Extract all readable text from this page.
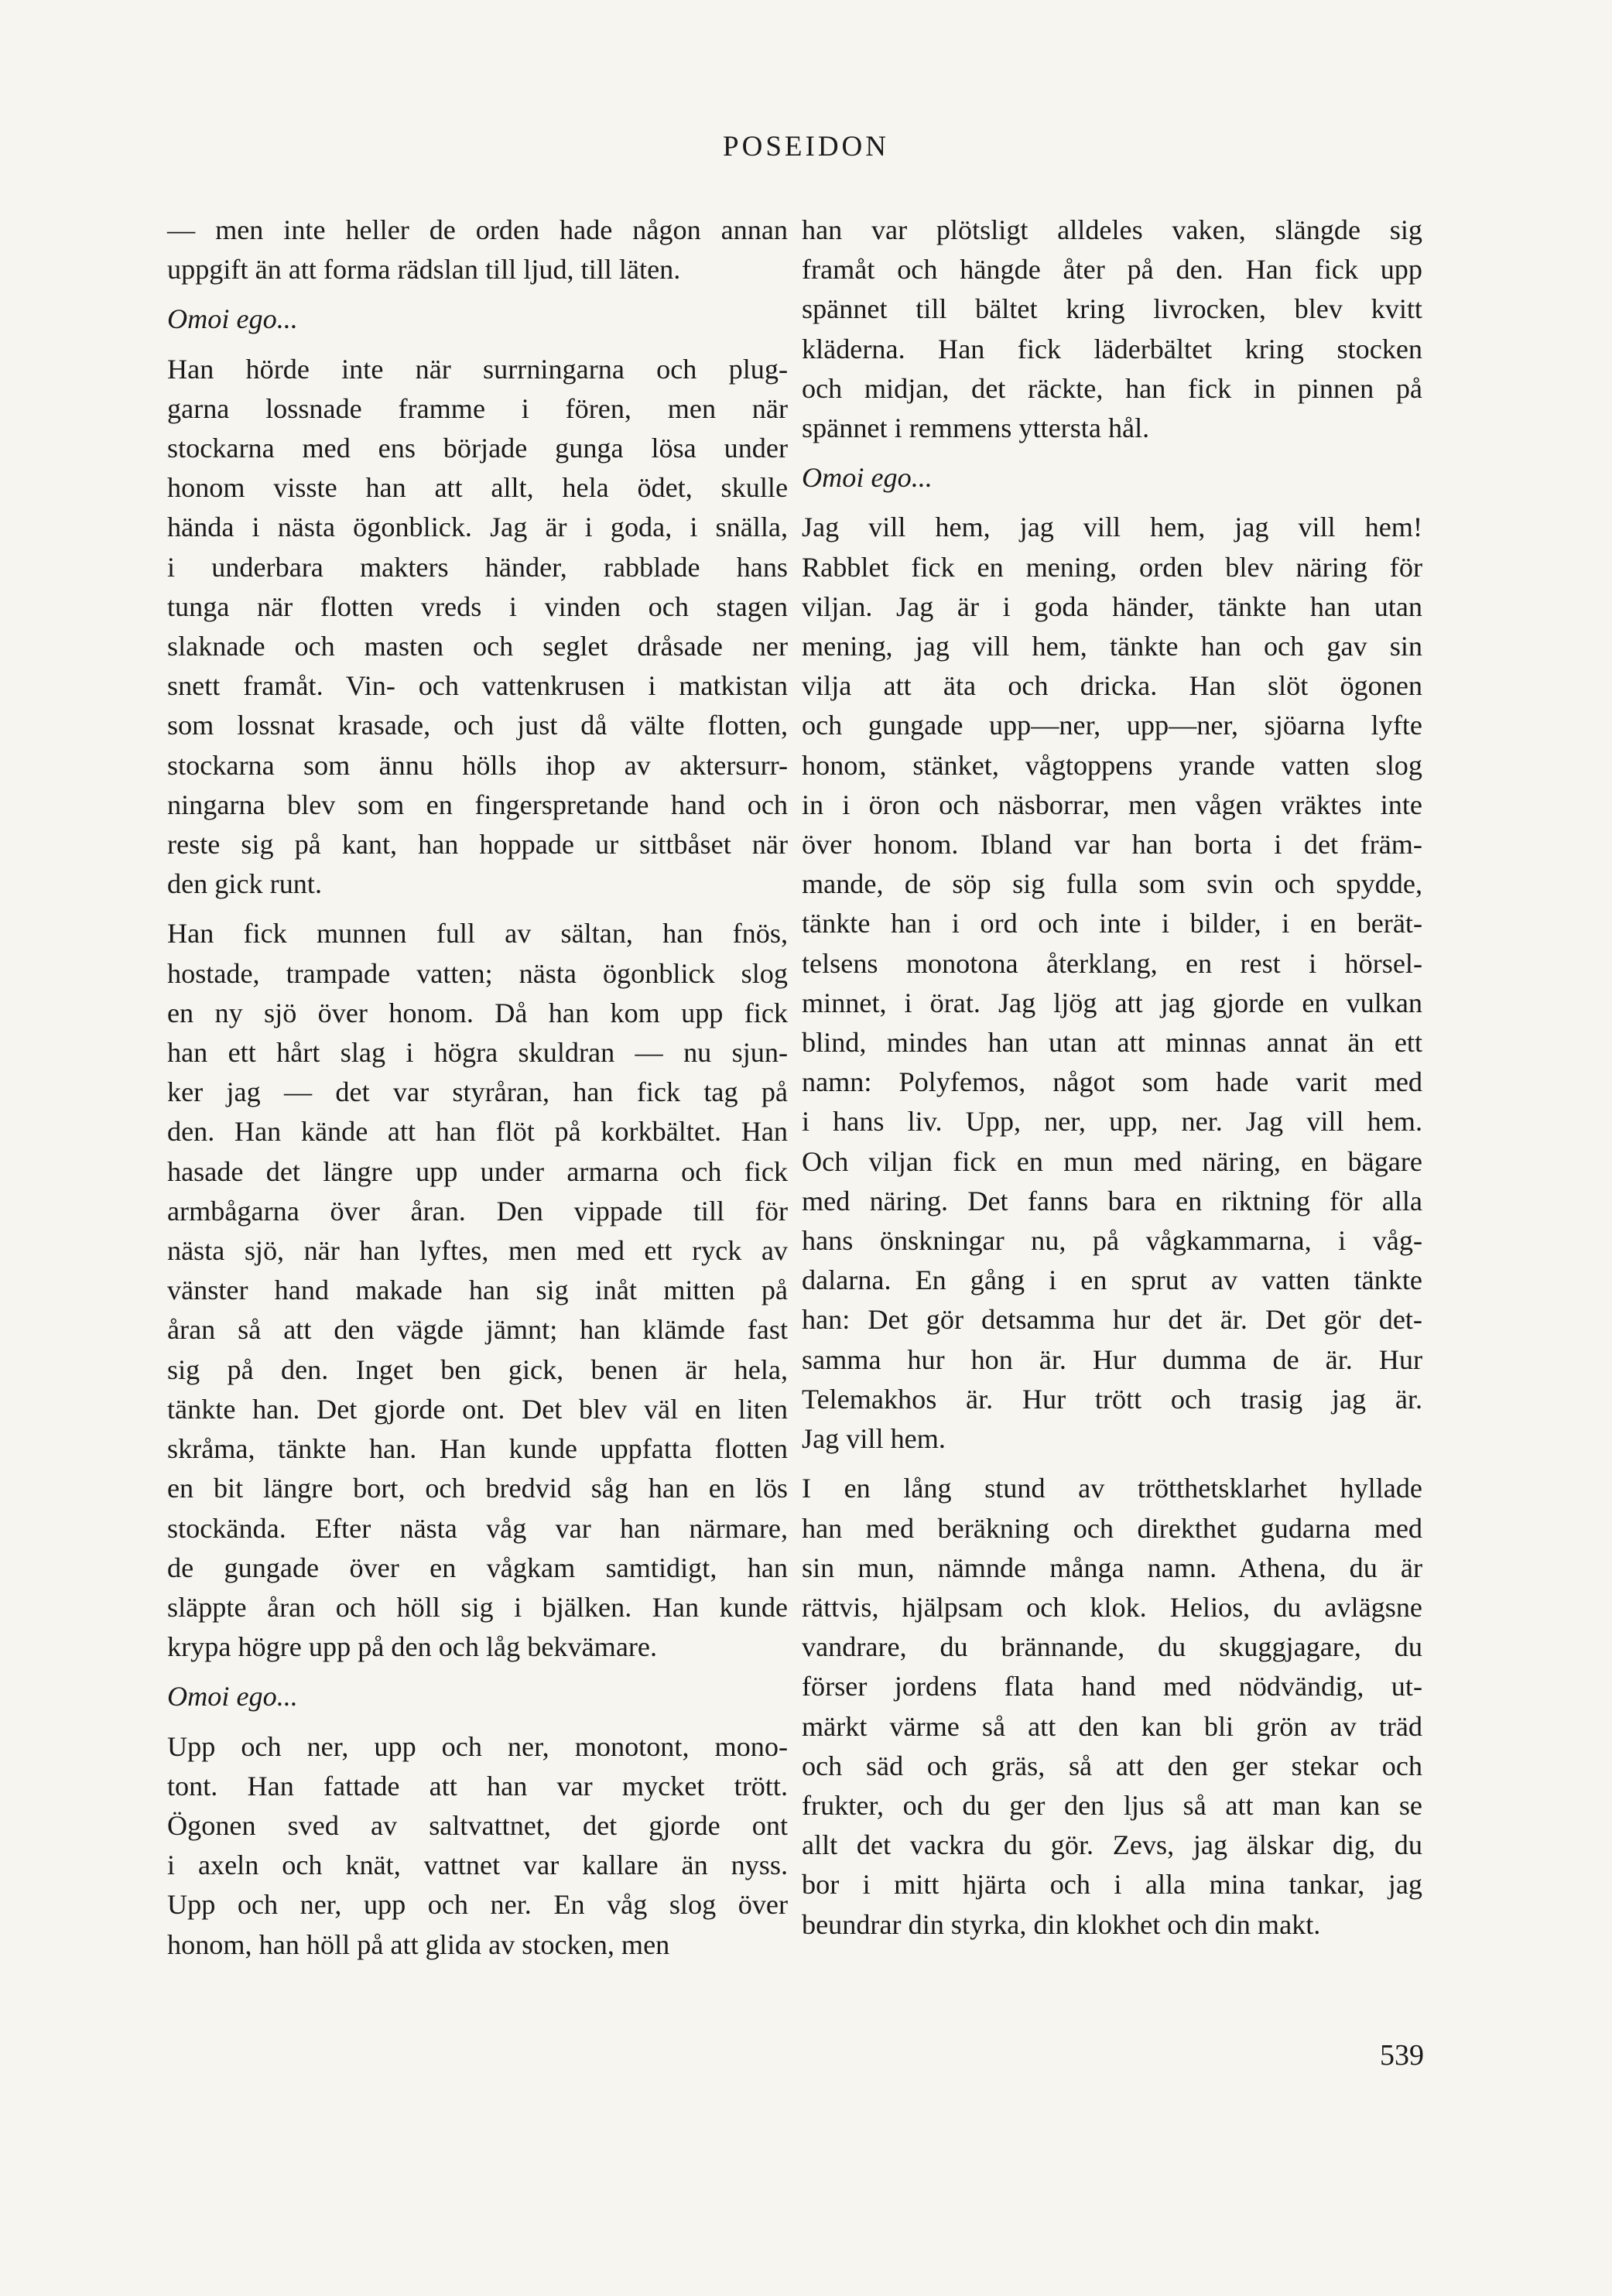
POSEIDON
— men inte heller de orden hade någon annan
uppgift än att forma rädslan till ljud, till läten.
Omoi ego...
Han hörde inte när surrningarna och plug-
garna lossnade framme i fören, men när
stockarna med ens började gunga lösa under
honom visste han att allt, hela ödet, skulle
hända i nästa ögonblick. Jag är i goda, i snälla,
i underbara makters händer, rabblade hans
tunga när flotten vreds i vinden och stagen
slaknade och masten och seglet dråsade ner
snett framåt. Vin- och vattenkrusen i matkistan
som lossnat krasade, och just då välte flotten,
stockarna som ännu hölls ihop av aktersurr-
ningarna blev som en fingerspretande hand och
reste sig på kant, han hoppade ur sittbåset när
den gick runt.
Han fick munnen full av sältan, han fnös,
hostade, trampade vatten; nästa ögonblick slog
en ny sjö över honom. Då han kom upp fick
han ett hårt slag i högra skuldran — nu sjun-
ker jag — det var styråran, han fick tag på
den. Han kände att han flöt på korkbältet. Han
hasade det längre upp under armarna och fick
armbågarna över åran. Den vippade till för
nästa sjö, när han lyftes, men med ett ryck av
vänster hand makade han sig inåt mitten på
åran så att den vägde jämnt; han klämde fast
sig på den. Inget ben gick, benen är hela,
tänkte han. Det gjorde ont. Det blev väl en liten
skråma, tänkte han. Han kunde uppfatta flotten
en bit längre bort, och bredvid såg han en lös
stockända. Efter nästa våg var han närmare,
de gungade över en vågkam samtidigt, han
släppte åran och höll sig i bjälken. Han kunde
krypa högre upp på den och låg bekvämare.
Omoi ego...
Upp och ner, upp och ner, monotont, mono-
tont. Han fattade att han var mycket trött.
Ögonen sved av saltvattnet, det gjorde ont
i axeln och knät, vattnet var kallare än nyss.
Upp och ner, upp och ner. En våg slog över
honom, han höll på att glida av stocken, men
han var plötsligt alldeles vaken, slängde sig
framåt och hängde åter på den. Han fick upp
spännet till bältet kring livrocken, blev kvitt
kläderna. Han fick läderbältet kring stocken
och midjan, det räckte, han fick in pinnen på
spännet i remmens yttersta hål.
Omoi ego...
Jag vill hem, jag vill hem, jag vill hem!
Rabblet fick en mening, orden blev näring för
viljan. Jag är i goda händer, tänkte han utan
mening, jag vill hem, tänkte han och gav sin
vilja att äta och dricka. Han slöt ögonen
och gungade upp—ner, upp—ner, sjöarna lyfte
honom, stänket, vågtoppens yrande vatten slog
in i öron och näsborrar, men vågen vräktes inte
över honom. Ibland var han borta i det främ-
mande, de söp sig fulla som svin och spydde,
tänkte han i ord och inte i bilder, i en berät-
telsens monotona återklang, en rest i hörsel-
minnet, i örat. Jag ljög att jag gjorde en vulkan
blind, mindes han utan att minnas annat än ett
namn: Polyfemos, något som hade varit med
i hans liv. Upp, ner, upp, ner. Jag vill hem.
Och viljan fick en mun med näring, en bägare
med näring. Det fanns bara en riktning för alla
hans önskningar nu, på vågkammarna, i våg-
dalarna. En gång i en sprut av vatten tänkte
han: Det gör detsamma hur det är. Det gör det-
samma hur hon är. Hur dumma de är. Hur
Telemakhos är. Hur trött och trasig jag är.
Jag vill hem.
I en lång stund av trötthetsklarhet hyllade
han med beräkning och direkthet gudarna med
sin mun, nämnde många namn. Athena, du är
rättvis, hjälpsam och klok. Helios, du avlägsne
vandrare, du brännande, du skuggjagare, du
förser jordens flata hand med nödvändig, ut-
märkt värme så att den kan bli grön av träd
och säd och gräs, så att den ger stekar och
frukter, och du ger den ljus så att man kan se
allt det vackra du gör. Zevs, jag älskar dig, du
bor i mitt hjärta och i alla mina tankar, jag
beundrar din styrka, din klokhet och din makt.
539
